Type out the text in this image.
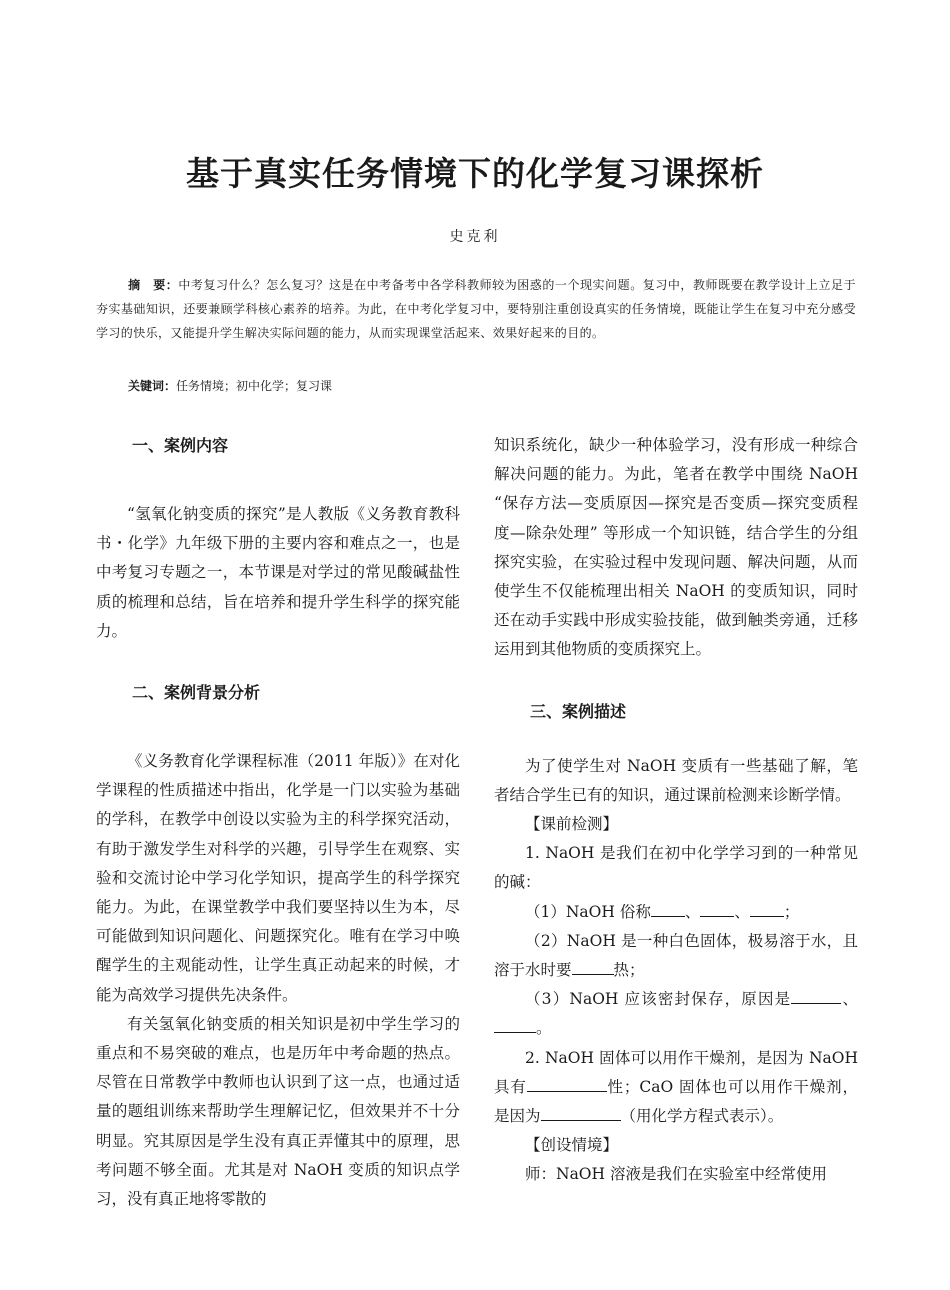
基于真实任务情境下的化学复习课探析
史克利
摘　要：中考复习什么？怎么复习？这是在中考备考中各学科教师较为困惑的一个现实问题。复习中，教师既要在教学设计上立足于夯实基础知识，还要兼顾学科核心素养的培养。为此，在中考化学复习中，要特别注重创设真实的任务情境，既能让学生在复习中充分感受学习的快乐，又能提升学生解决实际问题的能力，从而实现课堂活起来、效果好起来的目的。
关键词：任务情境；初中化学；复习课
一、案例内容

“氢氧化钠变质的探究”是人教版《义务教育教科书・化学》九年级下册的主要内容和难点之一，也是中考复习专题之一，本节课是对学过的常见酸碱盐性质的梳理和总结，旨在培养和提升学生科学的探究能力。

二、案例背景分析

《义务教育化学课程标准（2011 年版）》在对化学课程的性质描述中指出，化学是一门以实验为基础的学科，在教学中创设以实验为主的科学探究活动，有助于激发学生对科学的兴趣，引导学生在观察、实验和交流讨论中学习化学知识，提高学生的科学探究能力。为此，在课堂教学中我们要坚持以生为本，尽可能做到知识问题化、问题探究化。唯有在学习中唤醒学生的主观能动性，让学生真正动起来的时候，才能为高效学习提供先决条件。

有关氢氧化钠变质的相关知识是初中学生学习的重点和不易突破的难点，也是历年中考命题的热点。尽管在日常教学中教师也认识到了这一点，也通过适量的题组训练来帮助学生理解记忆，但效果并不十分明显。究其原因是学生没有真正弄懂其中的原理，思考问题不够全面。尤其是对 NaOH 变质的知识点学习，没有真正地将零散的

知识系统化，缺少一种体验学习，没有形成一种综合解决问题的能力。为此，笔者在教学中围绕 NaOH “保存方法—变质原因—探究是否变质—探究变质程度—除杂处理” 等形成一个知识链，结合学生的分组探究实验，在实验过程中发现问题、解决问题，从而使学生不仅能梳理出相关 NaOH 的变质知识，同时还在动手实践中形成实验技能，做到触类旁通，迁移运用到其他物质的变质探究上。

三、案例描述

为了使学生对 NaOH 变质有一些基础了解，笔者结合学生已有的知识，通过课前检测来诊断学情。

【课前检测】

1. NaOH 是我们在初中化学学习到的一种常见的碱：

（1）NaOH 俗称 、 、 ；

（2）NaOH 是一种白色固体，极易溶于水，且溶于水时要	热；

（3）NaOH 应该密封保存，原因是	、。

2. NaOH 固体可以用作干燥剂，是因为 NaOH 具有	性；CaO 固体也可以用作干燥剂，是因为	（用化学方程式表示）。

【创设情境】

师：NaOH 溶液是我们在实验室中经常使用
